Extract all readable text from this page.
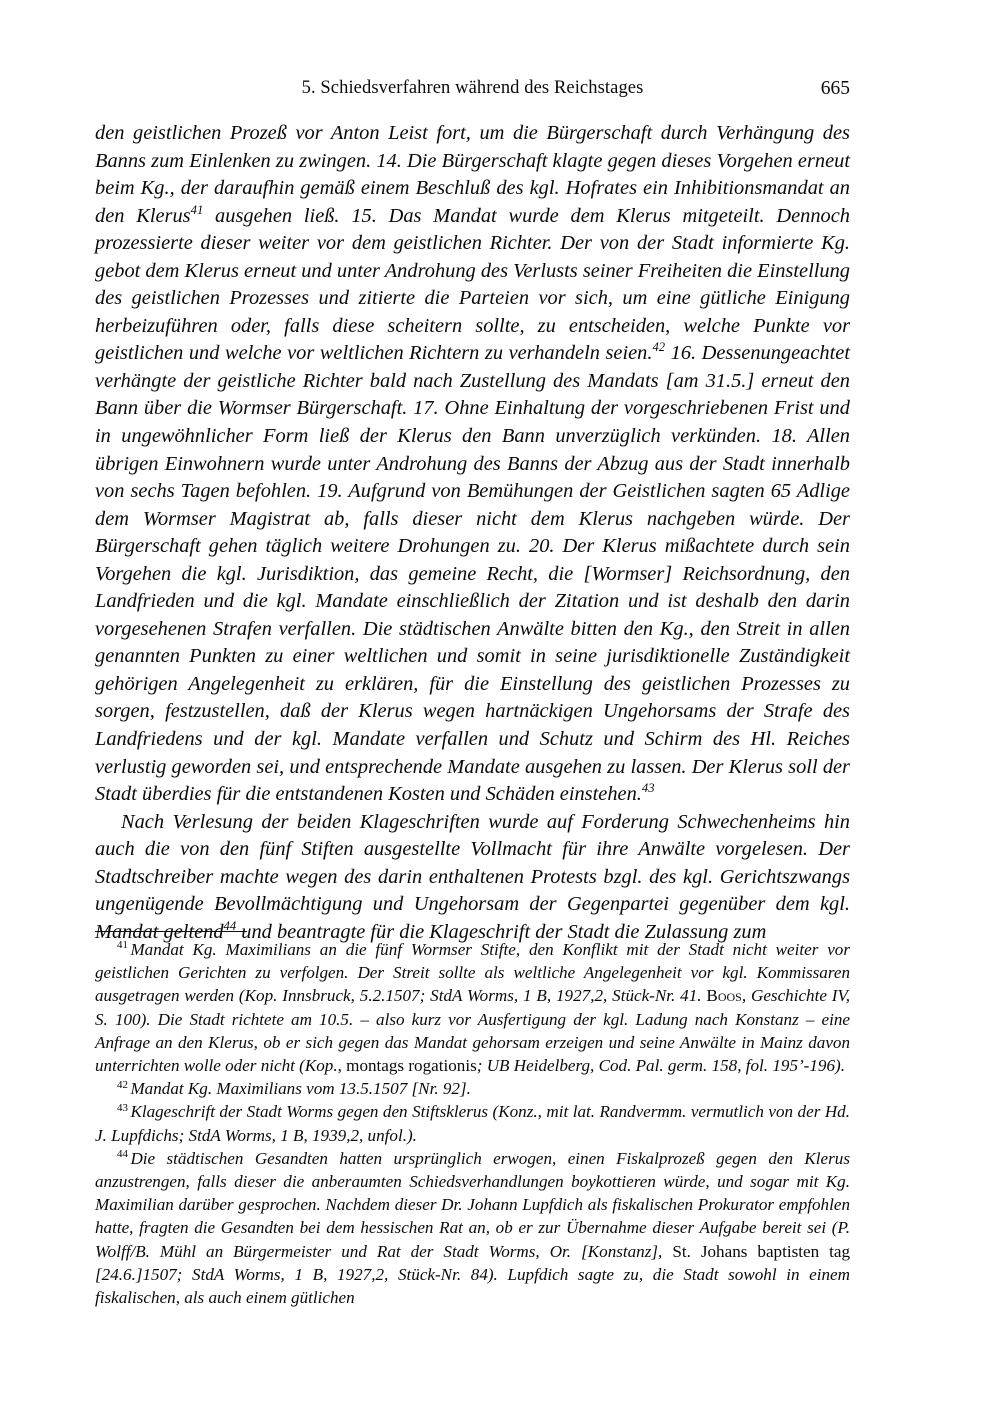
5. Schiedsverfahren während des Reichstages	665

den geistlichen Prozeß vor Anton Leist fort, um die Bürgerschaft durch Verhängung des Banns zum Einlenken zu zwingen. 14. Die Bürgerschaft klagte gegen dieses Vorgehen erneut beim Kg., der daraufhin gemäß einem Beschluß des kgl. Hofrates ein Inhibitionsmandat an den Klerus$^{41}$ ausgehen ließ. 15. Das Mandat wurde dem Klerus mitgeteilt. Dennoch prozessierte dieser weiter vor dem geistlichen Richter. Der von der Stadt informierte Kg. gebot dem Klerus erneut und unter Androhung des Verlusts seiner Freiheiten die Einstellung des geistlichen Prozesses und zitierte die Parteien vor sich, um eine gütliche Einigung herbeizuführen oder, falls diese scheitern sollte, zu entscheiden, welche Punkte vor geistlichen und welche vor weltlichen Richtern zu verhandeln seien.$^{42}$ 16. Dessenungeachtet verhängte der geistliche Richter bald nach Zustellung des Mandats [am 31.5.] erneut den Bann über die Wormser Bürgerschaft. 17. Ohne Einhaltung der vorgeschriebenen Frist und in ungewöhnlicher Form ließ der Klerus den Bann unverzüglich verkünden. 18. Allen übrigen Einwohnern wurde unter Androhung des Banns der Abzug aus der Stadt innerhalb von sechs Tagen befohlen. 19. Aufgrund von Bemühungen der Geistlichen sagten 65 Adlige dem Wormser Magistrat ab, falls dieser nicht dem Klerus nachgeben würde. Der Bürgerschaft gehen täglich weitere Drohungen zu. 20. Der Klerus mißachtete durch sein Vorgehen die kgl. Jurisdiktion, das gemeine Recht, die [Wormser] Reichsordnung, den Landfrieden und die kgl. Mandate einschließlich der Zitation und ist deshalb den darin vorgesehenen Strafen verfallen. Die städtischen Anwälte bitten den Kg., den Streit in allen genannten Punkten zu einer weltlichen und somit in seine jurisdiktionelle Zuständigkeit gehörigen Angelegenheit zu erklären, für die Einstellung des geistlichen Prozesses zu sorgen, festzustellen, daß der Klerus wegen hartnäckigen Ungehorsams der Strafe des Landfriedens und der kgl. Mandate verfallen und Schutz und Schirm des Hl. Reiches verlustig geworden sei, und entsprechende Mandate ausgehen zu lassen. Der Klerus soll der Stadt überdies für die entstandenen Kosten und Schäden einstehen.$^{43}$

Nach Verlesung der beiden Klageschriften wurde auf Forderung Schwechenheims hin auch die von den fünf Stiften ausgestellte Vollmacht für ihre Anwälte vorgelesen. Der Stadtschreiber machte wegen des darin enthaltenen Protests bzgl. des kgl. Gerichtszwangs ungenügende Bevollmächtigung und Ungehorsam der Gegenpartei gegenüber dem kgl. Mandat geltend$^{44}$ und beantragte für die Klageschrift der Stadt die Zulassung zum

$^{41}$ Mandat Kg. Maximilians an die fünf Wormser Stifte, den Konflikt mit der Stadt nicht weiter vor geistlichen Gerichten zu verfolgen. Der Streit sollte als weltliche Angelegenheit vor kgl. Kommissaren ausgetragen werden (Kop. Innsbruck, 5.2.1507; StdA Worms, 1 B, 1927,2, Stück-Nr. 41. Boos, Geschichte IV, S. 100). Die Stadt richtete am 10.5. – also kurz vor Ausfertigung der kgl. Ladung nach Konstanz – eine Anfrage an den Klerus, ob er sich gegen das Mandat gehorsam erzeigen und seine Anwälte in Mainz davon unterrichten wolle oder nicht (Kop., montags rogationis; UB Heidelberg, Cod. Pal. germ. 158, fol. 195’-196).

$^{42}$ Mandat Kg. Maximilians vom 13.5.1507 [Nr. 92].

$^{43}$ Klageschrift der Stadt Worms gegen den Stiftsklerus (Konz., mit lat. Randvermm. vermutlich von der Hd. J. Lupfdichs; StdA Worms, 1 B, 1939,2, unfol.).

$^{44}$ Die städtischen Gesandten hatten ursprünglich erwogen, einen Fiskalprozeß gegen den Klerus anzustrengen, falls dieser die anberaumten Schiedsverhandlungen boykottieren würde, und sogar mit Kg. Maximilian darüber gesprochen. Nachdem dieser Dr. Johann Lupfdich als fiskalischen Prokurator empfohlen hatte, fragten die Gesandten bei dem hessischen Rat an, ob er zur Übernahme dieser Aufgabe bereit sei (P. Wolff/B. Mühl an Bürgermeister und Rat der Stadt Worms, Or. [Konstanz], St. Johans baptisten tag [24.6.]1507; StdA Worms, 1 B, 1927,2, Stück-Nr. 84). Lupfdich sagte zu, die Stadt sowohl in einem fiskalischen, als auch einem gütlichen
